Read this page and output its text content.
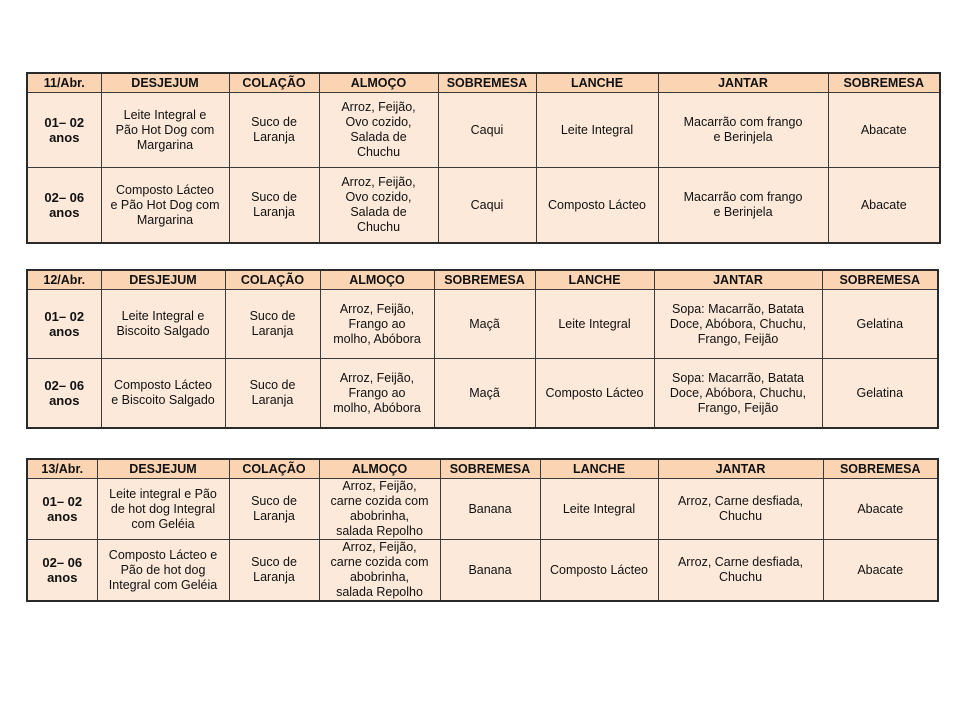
11/Abr.	DESJEJUM	COLAÇÃO	ALMOÇO	SOBREMESA	LANCHE	JANTAR	SOBREMESA
01– 02
anos	Leite Integral e
Pão Hot Dog com
Margarina	Suco de
Laranja	Arroz, Feijão,
Ovo cozido,
Salada de
Chuchu	Caqui	Leite Integral	Macarrão com frango
e Berinjela	Abacate
02– 06
anos	Composto Lácteo
e Pão Hot Dog com
Margarina	Suco de
Laranja	Arroz, Feijão,
Ovo cozido,
Salada de
Chuchu	Caqui	Composto Lácteo	Macarrão com frango
e Berinjela	Abacate
12/Abr.	DESJEJUM	COLAÇÃO	ALMOÇO	SOBREMESA	LANCHE	JANTAR	SOBREMESA
01– 02
anos	Leite Integral e
Biscoito Salgado	Suco de
Laranja	Arroz, Feijão,
Frango ao
molho, Abóbora	Maçã	Leite Integral	Sopa: Macarrão, Batata
Doce, Abóbora, Chuchu,
Frango, Feijão	Gelatina
02– 06
anos	Composto Lácteo
e Biscoito Salgado	Suco de
Laranja	Arroz, Feijão,
Frango ao
molho, Abóbora	Maçã	Composto Lácteo	Sopa: Macarrão, Batata
Doce, Abóbora, Chuchu,
Frango, Feijão	Gelatina
13/Abr.	DESJEJUM	COLAÇÃO	ALMOÇO	SOBREMESA	LANCHE	JANTAR	SOBREMESA
01– 02
anos	Leite integral e Pão
de hot dog Integral
com Geléia	Suco de
Laranja	Arroz, Feijão,
carne cozida com
abobrinha,
salada Repolho	Banana	Leite Integral	Arroz, Carne desfiada,
Chuchu	Abacate
02– 06
anos	Composto Lácteo e
Pão de hot dog
Integral com Geléia	Suco de
Laranja	Arroz, Feijão,
carne cozida com
abobrinha,
salada Repolho	Banana	Composto Lácteo	Arroz, Carne desfiada,
Chuchu	Abacate
